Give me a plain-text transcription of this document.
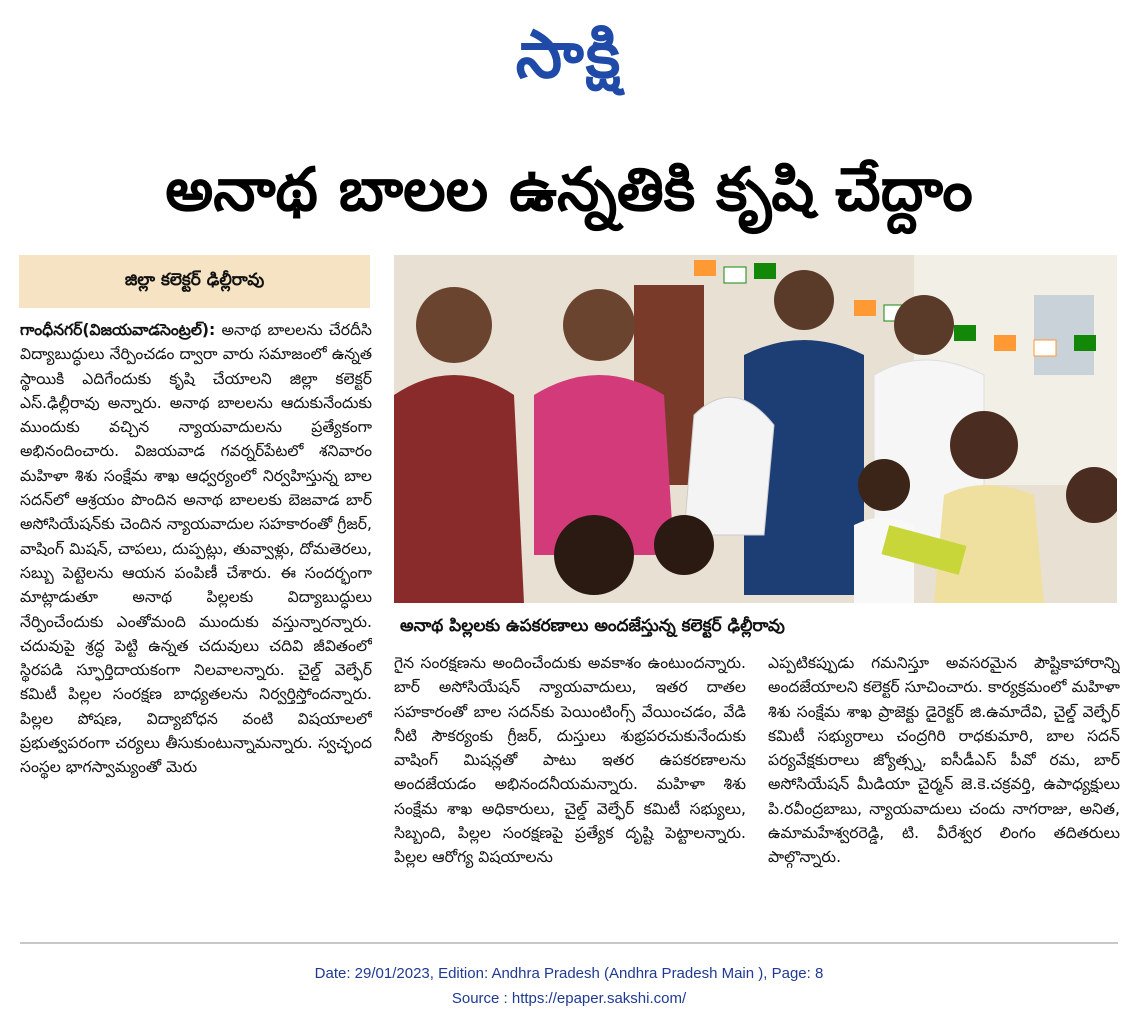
సాక్షి
అనాథ బాలల ఉన్నతికి కృషి చేద్దాం
జిల్లా కలెక్టర్‌ ఢిల్లీరావు
గాంధీనగర్‌(విజయవాడసెంట్రల్‌): అనాథ బాలలను చేరదీసి విద్యాబుద్ధులు నేర్పించడం ద్వారా వారు సమాజంలో ఉన్నత స్థాయికి ఎదిగేందుకు కృషి చేయాలని జిల్లా కలెక్టర్‌ ఎస్‌.ఢిల్లీరావు అన్నారు. అనాథ బాలలను ఆదుకునేందుకు ముందుకు వచ్చిన న్యాయవాదులను ప్రత్యేకంగా అభినందించారు. విజయవాడ గవర్నర్‌పేటలో శనివారం మహిళా శిశు సంక్షేమ శాఖ ఆధ్వర్యంలో నిర్వహిస్తున్న బాల సదన్‌లో ఆశ్రయం పొందిన అనాథ బాలలకు బెజవాడ బార్‌ అసోసియేషన్‌కు చెందిన న్యాయవాదుల సహకారంతో గ్రీజర్‌, వాషింగ్‌ మిషన్‌, చాపలు, దుప్పట్లు, తువ్వాళ్లు, దోమతెరలు, సబ్బు పెట్టెలను ఆయన పంపిణీ చేశారు. ఈ సందర్భంగా మాట్లాడుతూ అనాథ పిల్లలకు విద్యాబుద్ధులు నేర్పించేందుకు ఎంతోమంది ముందుకు వస్తున్నారన్నారు. చదువుపై శ్రద్ధ పెట్టి ఉన్నత చదువులు చదివి జీవితంలో స్థిరపడి స్ఫూర్తిదాయకంగా నిలవాలన్నారు. చైల్డ్‌ వెల్ఫేర్‌ కమిటీ పిల్లల సంరక్షణ బాధ్యతలను నిర్వర్తిస్తోందన్నారు. పిల్లల పోషణ, విద్యాబోధన వంటి విషయాలలో ప్రభుత్వపరంగా చర్యలు తీసుకుంటున్నామన్నారు. స్వచ్ఛంద సంస్థల భాగస్వామ్యంతో మెరు
అనాథ పిల్లలకు ఉపకరణాలు అందజేస్తున్న కలెక్టర్‌ ఢిల్లీరావు
గైన సంరక్షణను అందించేందుకు అవకాశం ఉంటుందన్నారు. బార్‌ అసోసియేషన్‌ న్యాయవాదులు, ఇతర దాతల సహకారంతో బాల సదన్‌కు పెయింటింగ్స్‌ వేయించడం, వేడి నీటి సౌకర్యంకు గ్రీజర్‌, దుస్తులు శుభ్రపరచుకునేందుకు వాషింగ్‌ మిషన్లతో పాటు ఇతర ఉపకరణాలను అందజేయడం అభినందనీయమన్నారు. మహిళా శిశు సంక్షేమ శాఖ అధికారులు, చైల్డ్‌ వెల్ఫేర్‌ కమిటీ సభ్యులు, సిబ్బంది, పిల్లల సంరక్షణపై ప్రత్యేక దృష్టి పెట్టాలన్నారు. పిల్లల ఆరోగ్య విషయాలను
ఎప్పటికప్పుడు గమనిస్తూ అవసరమైన పౌష్టికాహారాన్ని అందజేయాలని కలెక్టర్‌ సూచించారు. కార్యక్రమంలో మహిళా శిశు సంక్షేమ శాఖ ప్రాజెక్టు డైరెక్టర్‌ జి.ఉమాదేవి, చైల్డ్‌ వెల్ఫేర్‌ కమిటీ సభ్యురాలు చంద్రగిరి రాధకుమారి, బాల సదన్‌ పర్యవేక్షకురాలు జ్యోత్స్న, ఐసీడీఎస్‌ పీవో రమ, బార్‌ అసోసియేషన్‌ మీడియా చైర్మన్‌ జె.కె.చక్రవర్తి, ఉపాధ్యక్షులు పి.రవీంద్రబాబు, న్యాయవాదులు చందు నాగరాజు, అనిత, ఉమామహేశ్వరరెడ్డి, టి. వీరేశ్వర లింగం తదితరులు పాల్గొన్నారు.
Date: 29/01/2023, Edition: Andhra Pradesh (Andhra Pradesh Main ), Page: 8
Source : https://epaper.sakshi.com/
